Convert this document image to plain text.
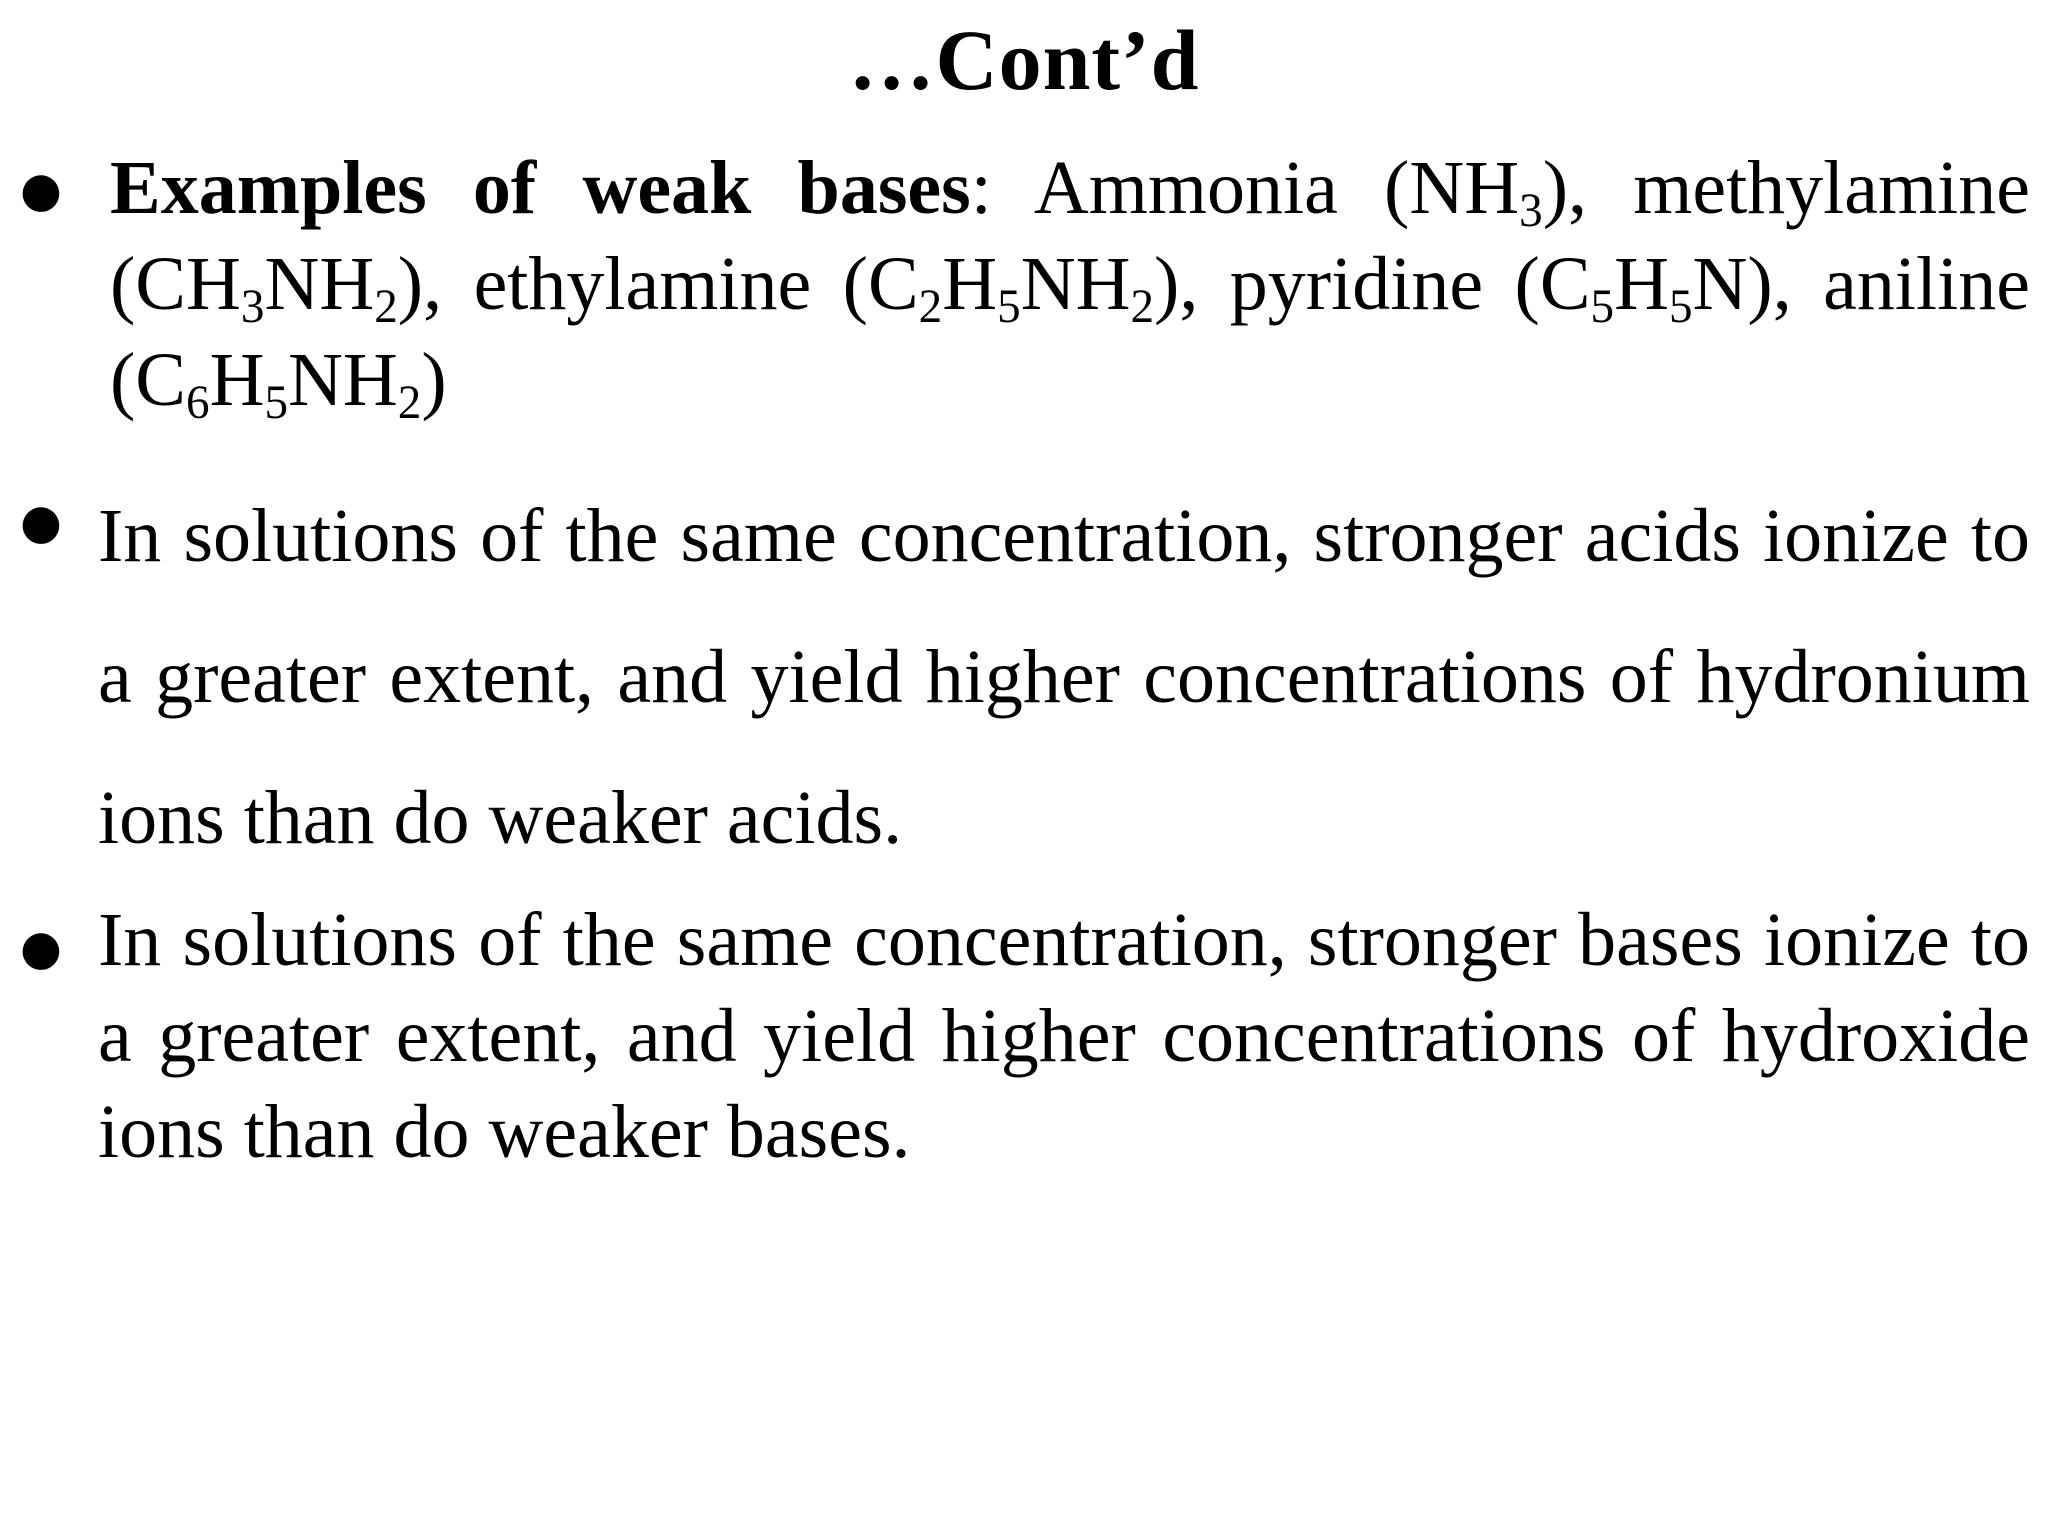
…Cont’d
● Examples of weak bases: Ammonia $(NH_3)$, methylamine $(CH_3NH_2)$, ethylamine $(C_2H_5NH_2)$, pyridine $(C_5H_5N)$, aniline $(C_6H_5NH_2)$
● In solutions of the same concentration, stronger acids ionize to a greater extent, and yield higher concentrations of hydronium ions than do weaker acids.
● In solutions of the same concentration, stronger bases ionize to a greater extent, and yield higher concentrations of hydroxide ions than do weaker bases.
